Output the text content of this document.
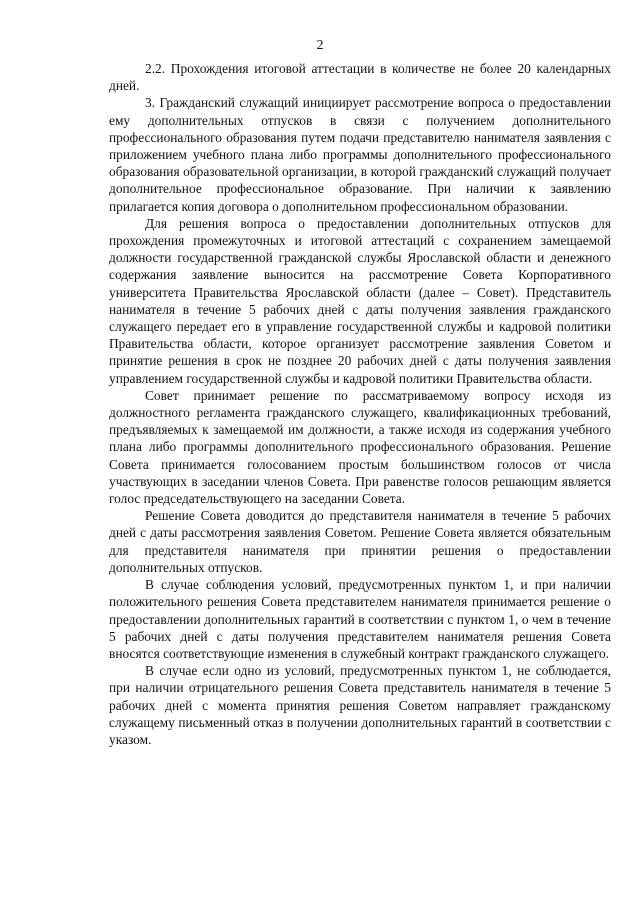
2

2.2. Прохождения итоговой аттестации в количестве не более 20 календарных дней.

3. Гражданский служащий инициирует рассмотрение вопроса о предоставлении ему дополнительных отпусков в связи с получением дополнительного профессионального образования путем подачи представителю нанимателя заявления с приложением учебного плана либо программы дополнительного профессионального образования образовательной организации, в которой гражданский служащий получает дополнительное профессиональное образование. При наличии к заявлению прилагается копия договора о дополнительном профессиональном образовании.

Для решения вопроса о предоставлении дополнительных отпусков для прохождения промежуточных и итоговой аттестаций с сохранением замещаемой должности государственной гражданской службы Ярославской области и денежного содержания заявление выносится на рассмотрение Совета Корпоративного университета Правительства Ярославской области (далее – Совет). Представитель нанимателя в течение 5 рабочих дней с даты получения заявления гражданского служащего передает его в управление государственной службы и кадровой политики Правительства области, которое организует рассмотрение заявления Советом и принятие решения в срок не позднее 20 рабочих дней с даты получения заявления управлением государственной службы и кадровой политики Правительства области.

Совет принимает решение по рассматриваемому вопросу исходя из должностного регламента гражданского служащего, квалификационных требований, предъявляемых к замещаемой им должности, а также исходя из содержания учебного плана либо программы дополнительного профессионального образования. Решение Совета принимается голосованием простым большинством голосов от числа участвующих в заседании членов Совета. При равенстве голосов решающим является голос председательствующего на заседании Совета.

Решение Совета доводится до представителя нанимателя в течение 5 рабочих дней с даты рассмотрения заявления Советом. Решение Совета является обязательным для представителя нанимателя при принятии решения о предоставлении дополнительных отпусков.

В случае соблюдения условий, предусмотренных пунктом 1, и при наличии положительного решения Совета представителем нанимателя принимается решение о предоставлении дополнительных гарантий в соответствии с пунктом 1, о чем в течение 5 рабочих дней с даты получения представителем нанимателя решения Совета вносятся соответствующие изменения в служебный контракт гражданского служащего.

В случае если одно из условий, предусмотренных пунктом 1, не соблюдается, при наличии отрицательного решения Совета представитель нанимателя в течение 5 рабочих дней с момента принятия решения Советом направляет гражданскому служащему письменный отказ в получении дополнительных гарантий в соответствии с указом.
